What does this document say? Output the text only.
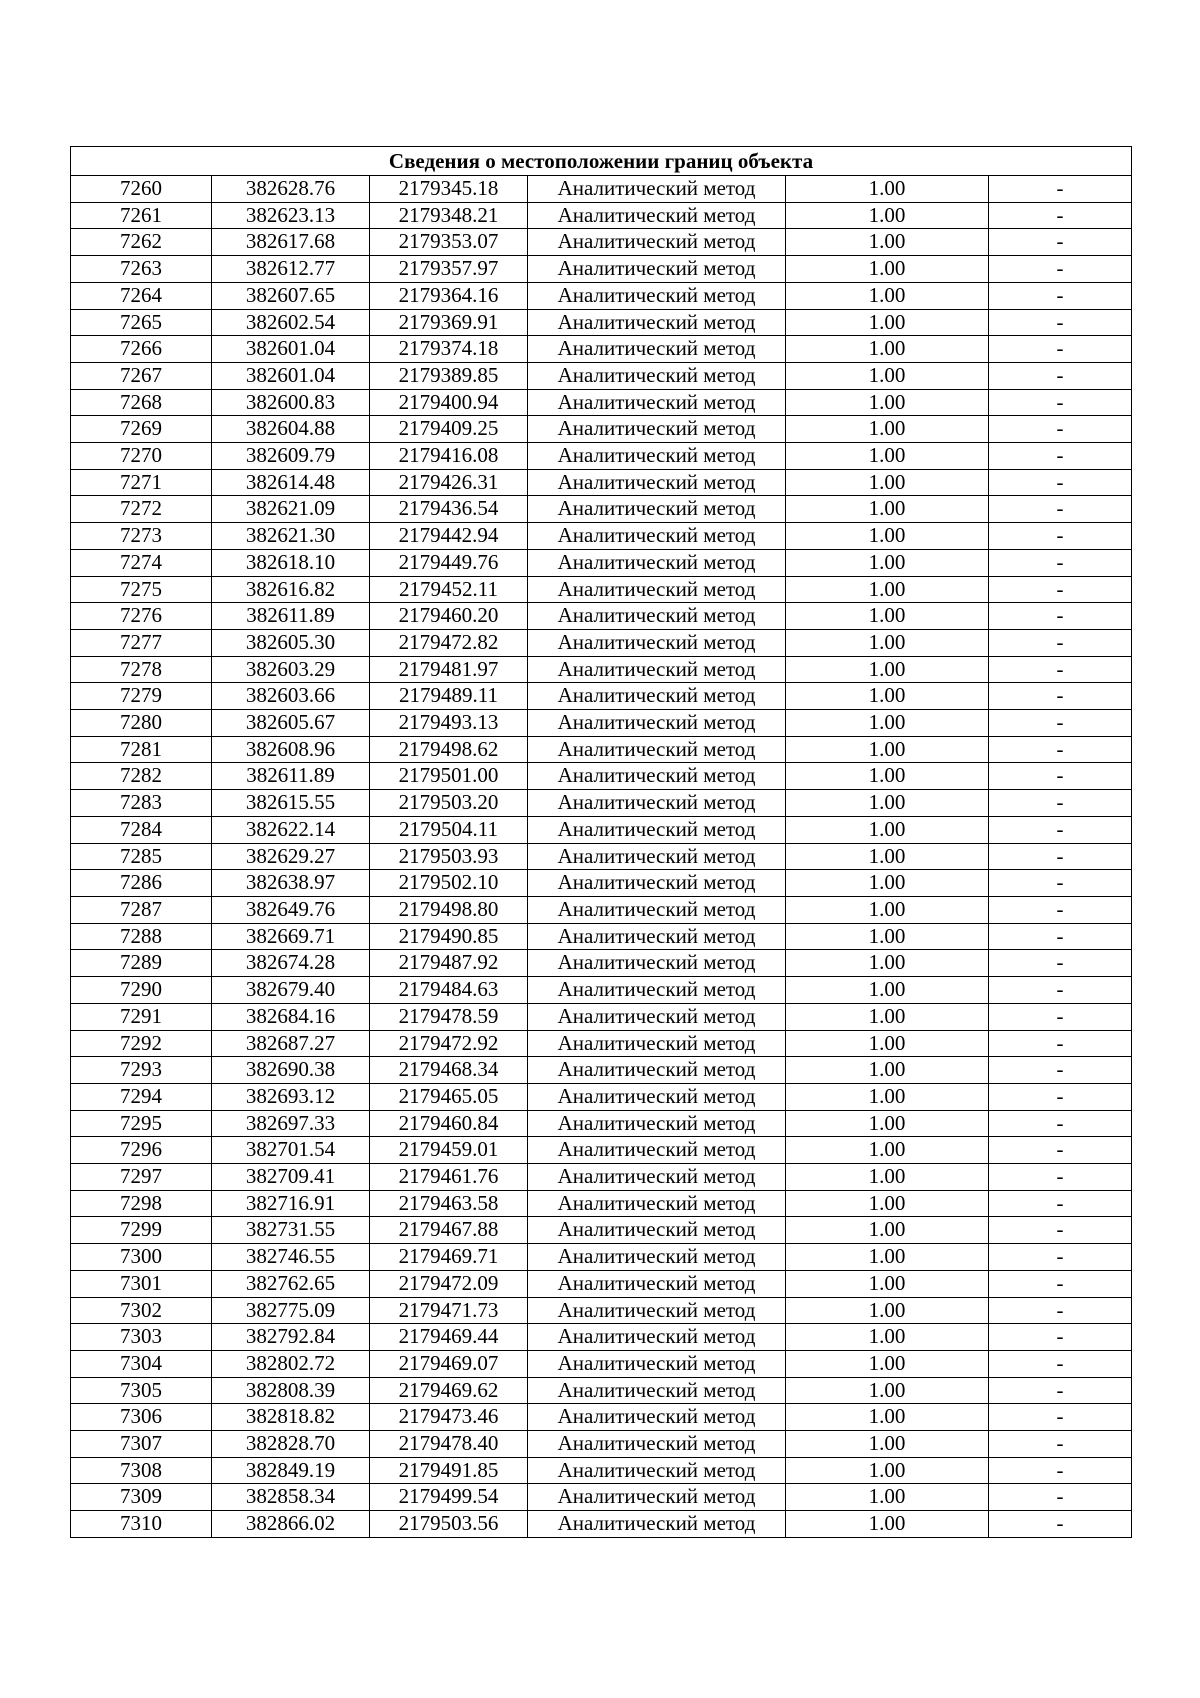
Сведения о местоположении границ объекта					
7260	382628.76	2179345.18	Аналитический метод	1.00	-
7261	382623.13	2179348.21	Аналитический метод	1.00	-
7262	382617.68	2179353.07	Аналитический метод	1.00	-
7263	382612.77	2179357.97	Аналитический метод	1.00	-
7264	382607.65	2179364.16	Аналитический метод	1.00	-
7265	382602.54	2179369.91	Аналитический метод	1.00	-
7266	382601.04	2179374.18	Аналитический метод	1.00	-
7267	382601.04	2179389.85	Аналитический метод	1.00	-
7268	382600.83	2179400.94	Аналитический метод	1.00	-
7269	382604.88	2179409.25	Аналитический метод	1.00	-
7270	382609.79	2179416.08	Аналитический метод	1.00	-
7271	382614.48	2179426.31	Аналитический метод	1.00	-
7272	382621.09	2179436.54	Аналитический метод	1.00	-
7273	382621.30	2179442.94	Аналитический метод	1.00	-
7274	382618.10	2179449.76	Аналитический метод	1.00	-
7275	382616.82	2179452.11	Аналитический метод	1.00	-
7276	382611.89	2179460.20	Аналитический метод	1.00	-
7277	382605.30	2179472.82	Аналитический метод	1.00	-
7278	382603.29	2179481.97	Аналитический метод	1.00	-
7279	382603.66	2179489.11	Аналитический метод	1.00	-
7280	382605.67	2179493.13	Аналитический метод	1.00	-
7281	382608.96	2179498.62	Аналитический метод	1.00	-
7282	382611.89	2179501.00	Аналитический метод	1.00	-
7283	382615.55	2179503.20	Аналитический метод	1.00	-
7284	382622.14	2179504.11	Аналитический метод	1.00	-
7285	382629.27	2179503.93	Аналитический метод	1.00	-
7286	382638.97	2179502.10	Аналитический метод	1.00	-
7287	382649.76	2179498.80	Аналитический метод	1.00	-
7288	382669.71	2179490.85	Аналитический метод	1.00	-
7289	382674.28	2179487.92	Аналитический метод	1.00	-
7290	382679.40	2179484.63	Аналитический метод	1.00	-
7291	382684.16	2179478.59	Аналитический метод	1.00	-
7292	382687.27	2179472.92	Аналитический метод	1.00	-
7293	382690.38	2179468.34	Аналитический метод	1.00	-
7294	382693.12	2179465.05	Аналитический метод	1.00	-
7295	382697.33	2179460.84	Аналитический метод	1.00	-
7296	382701.54	2179459.01	Аналитический метод	1.00	-
7297	382709.41	2179461.76	Аналитический метод	1.00	-
7298	382716.91	2179463.58	Аналитический метод	1.00	-
7299	382731.55	2179467.88	Аналитический метод	1.00	-
7300	382746.55	2179469.71	Аналитический метод	1.00	-
7301	382762.65	2179472.09	Аналитический метод	1.00	-
7302	382775.09	2179471.73	Аналитический метод	1.00	-
7303	382792.84	2179469.44	Аналитический метод	1.00	-
7304	382802.72	2179469.07	Аналитический метод	1.00	-
7305	382808.39	2179469.62	Аналитический метод	1.00	-
7306	382818.82	2179473.46	Аналитический метод	1.00	-
7307	382828.70	2179478.40	Аналитический метод	1.00	-
7308	382849.19	2179491.85	Аналитический метод	1.00	-
7309	382858.34	2179499.54	Аналитический метод	1.00	-
7310	382866.02	2179503.56	Аналитический метод	1.00	-
